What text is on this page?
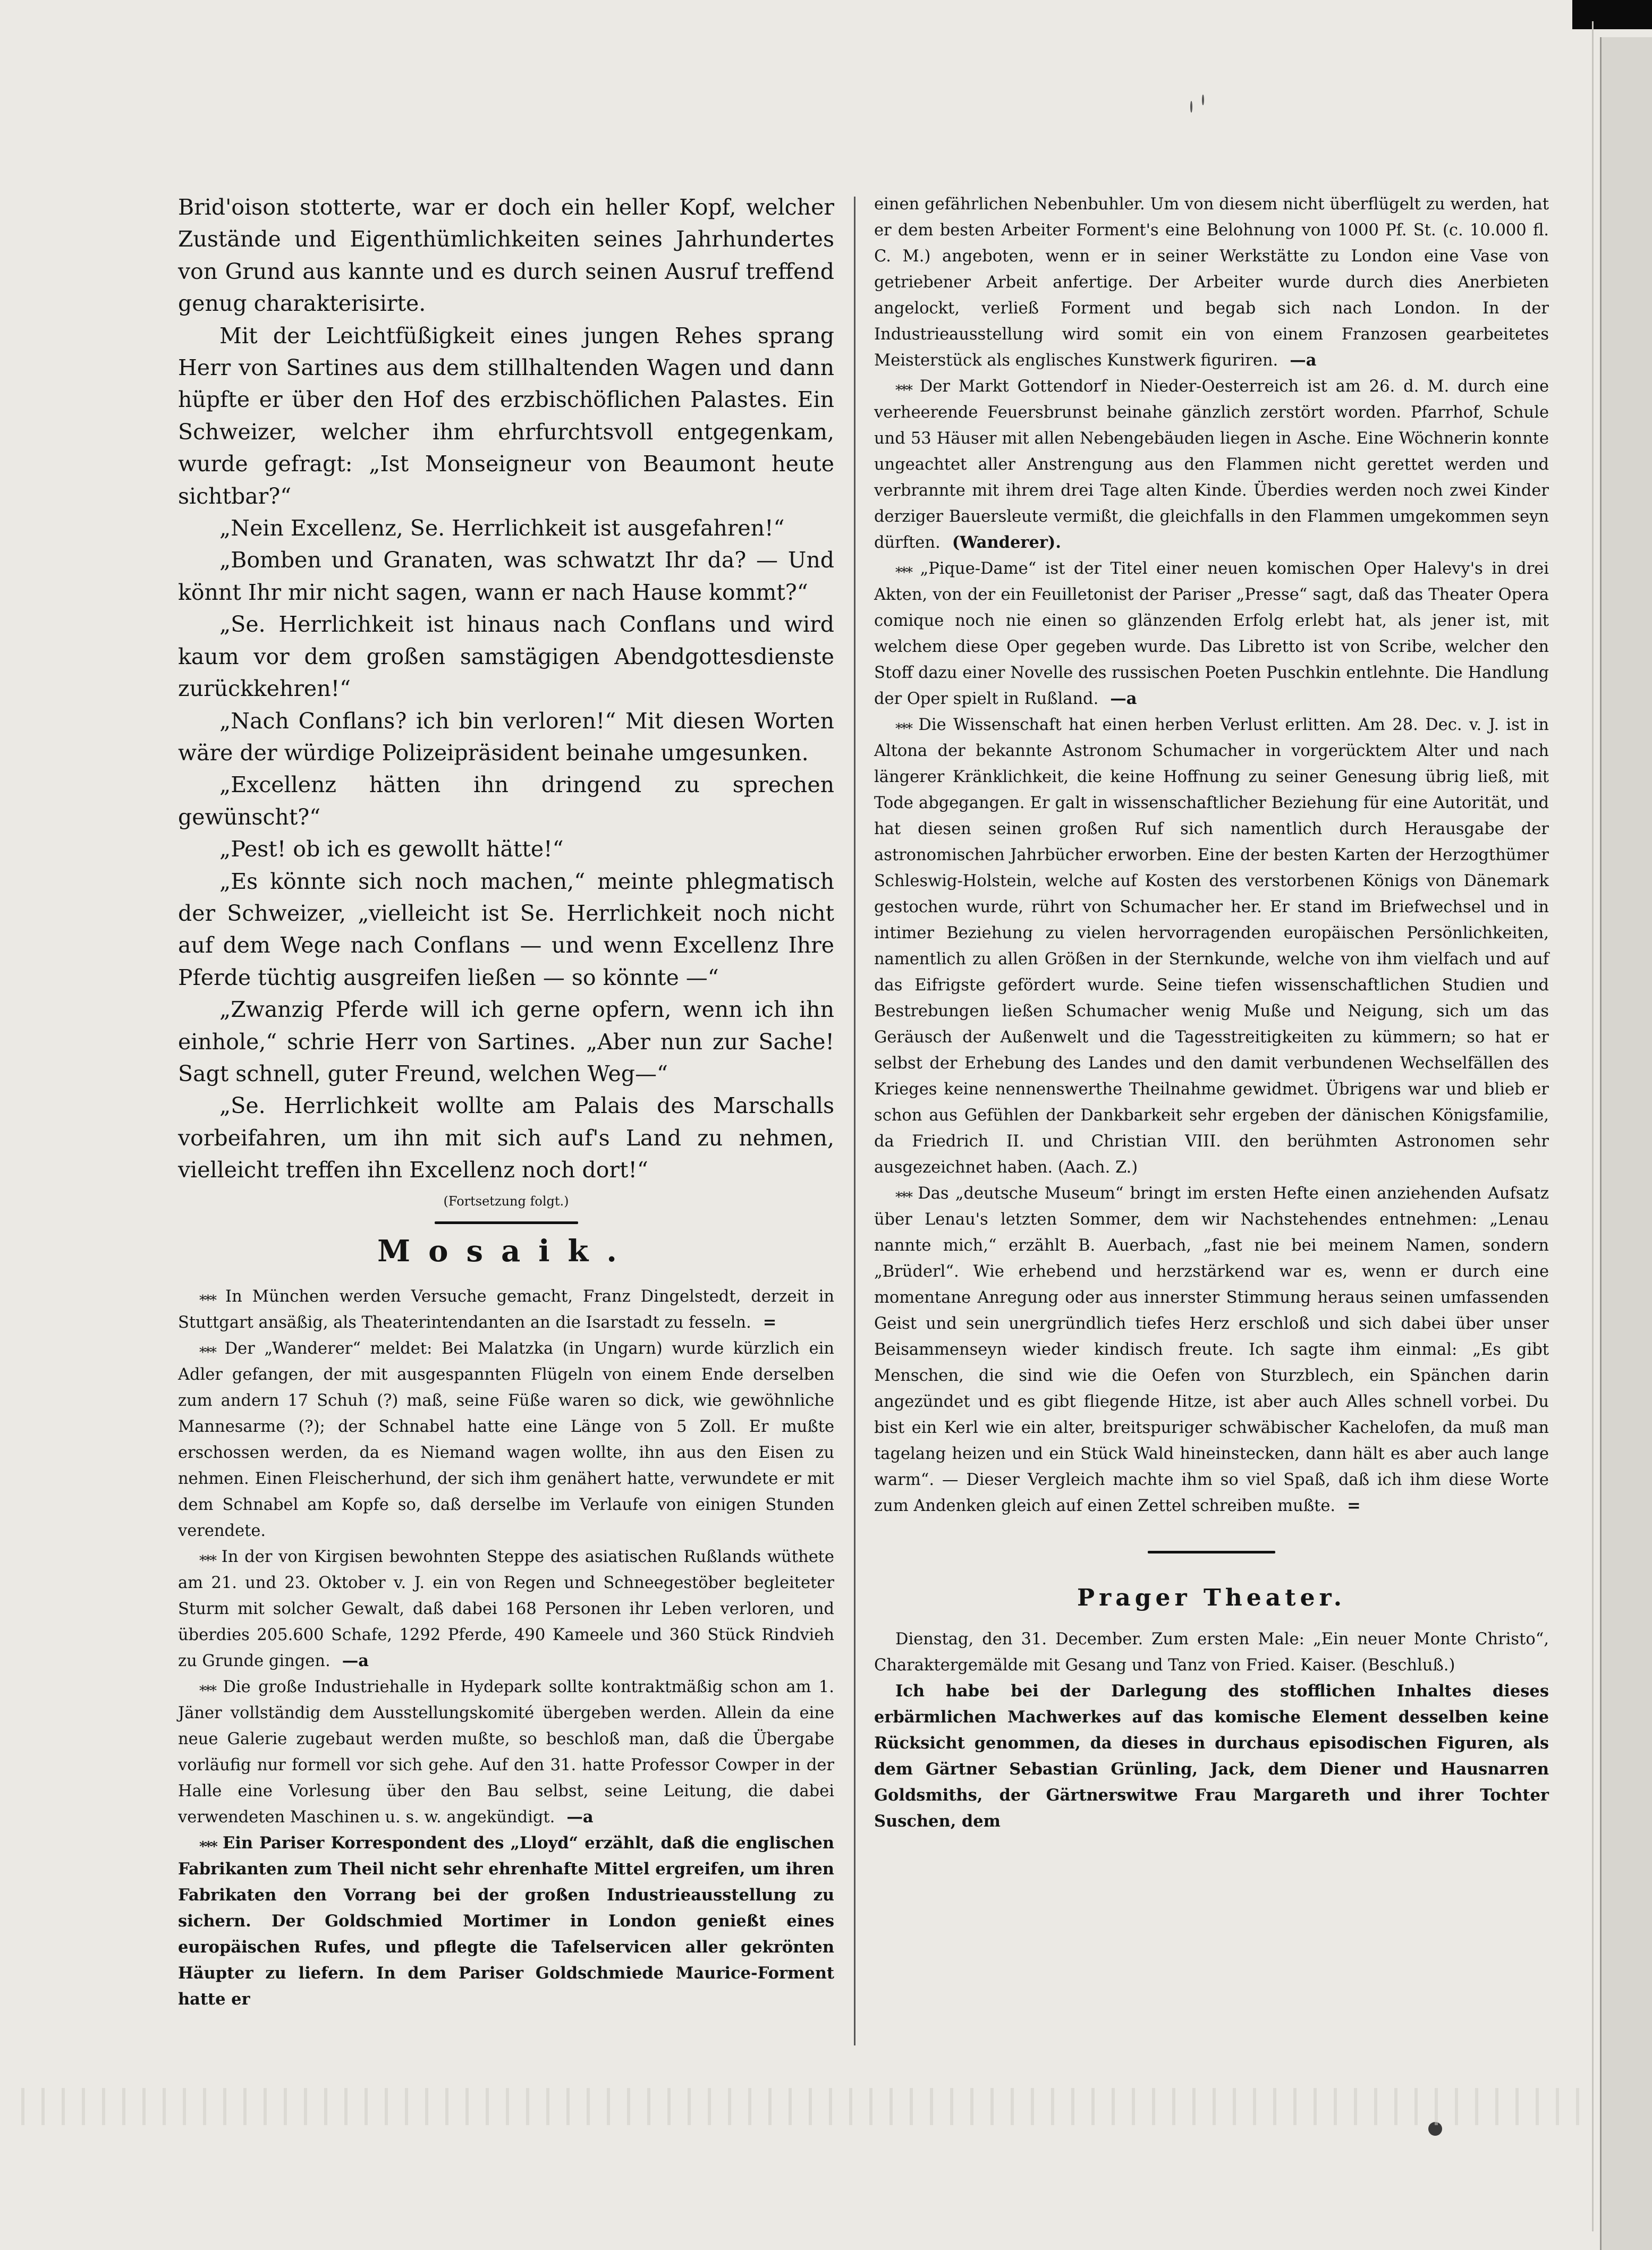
Brid'oison stotterte, war er doch ein heller Kopf, welcher Zustände und Eigenthümlichkeiten seines Jahrhundertes von Grund aus kannte und es durch seinen Ausruf treffend genug charakterisirte.

Mit der Leichtfüßigkeit eines jungen Rehes sprang Herr von Sartines aus dem stillhaltenden Wagen und dann hüpfte er über den Hof des erzbischöflichen Palastes. Ein Schweizer, welcher ihm ehrfurchtsvoll entgegenkam, wurde gefragt: „Ist Monseigneur von Beaumont heute sichtbar?“

„Nein Excellenz, Se. Herrlichkeit ist ausgefahren!“

„Bomben und Granaten, was schwatzt Ihr da? — Und könnt Ihr mir nicht sagen, wann er nach Hause kommt?“

„Se. Herrlichkeit ist hinaus nach Conflans und wird kaum vor dem großen samstägigen Abendgottesdienste zurückkehren!“

„Nach Conflans? ich bin verloren!“ Mit diesen Worten wäre der würdige Polizeipräsident beinahe umgesunken.

„Excellenz hätten ihn dringend zu sprechen gewünscht?“

„Pest! ob ich es gewollt hätte!“

„Es könnte sich noch machen,“ meinte phlegmatisch der Schweizer, „vielleicht ist Se. Herrlichkeit noch nicht auf dem Wege nach Conflans — und wenn Excellenz Ihre Pferde tüchtig ausgreifen ließen — so könnte —“

„Zwanzig Pferde will ich gerne opfern, wenn ich ihn einhole,“ schrie Herr von Sartines. „Aber nun zur Sache! Sagt schnell, guter Freund, welchen Weg—“

„Se. Herrlichkeit wollte am Palais des Marschalls vorbeifahren, um ihn mit sich auf's Land zu nehmen, vielleicht treffen ihn Excellenz noch dort!“

(Fortsetzung folgt.)
Mosaik.

⁎⁎⁎ In München werden Versuche gemacht, Franz Dingelstedt, derzeit in Stuttgart ansäßig, als Theaterintendanten an die Isarstadt zu fesseln. =

⁎⁎⁎ Der „Wanderer“ meldet: Bei Malatzka (in Ungarn) wurde kürzlich ein Adler gefangen, der mit ausgespannten Flügeln von einem Ende derselben zum andern 17 Schuh (?) maß, seine Füße waren so dick, wie gewöhnliche Mannesarme (?); der Schnabel hatte eine Länge von 5 Zoll. Er mußte erschossen werden, da es Niemand wagen wollte, ihn aus den Eisen zu nehmen. Einen Fleischerhund, der sich ihm genähert hatte, verwundete er mit dem Schnabel am Kopfe so, daß derselbe im Verlaufe von einigen Stunden verendete.

⁎⁎⁎ In der von Kirgisen bewohnten Steppe des asiatischen Rußlands wüthete am 21. und 23. Oktober v. J. ein von Regen und Schneegestöber begleiteter Sturm mit solcher Gewalt, daß dabei 168 Personen ihr Leben verloren, und überdies 205.600 Schafe, 1292 Pferde, 490 Kameele und 360 Stück Rindvieh zu Grunde gingen. —a

⁎⁎⁎ Die große Industriehalle in Hydepark sollte kontraktmäßig schon am 1. Jäner vollständig dem Ausstellungskomité übergeben werden. Allein da eine neue Galerie zugebaut werden mußte, so beschloß man, daß die Übergabe vorläufig nur formell vor sich gehe. Auf den 31. hatte Professor Cowper in der Halle eine Vorlesung über den Bau selbst, seine Leitung, die dabei verwendeten Maschinen u. s. w. angekündigt. —a

⁎⁎⁎ Ein Pariser Korrespondent des „Lloyd“ erzählt, daß die englischen Fabrikanten zum Theil nicht sehr ehrenhafte Mittel ergreifen, um ihren Fabrikaten den Vorrang bei der großen Industrieausstellung zu sichern. Der Goldschmied Mortimer in London genießt eines europäischen Rufes, und pflegte die Tafelservicen aller gekrönten Häupter zu liefern. In dem Pariser Goldschmiede Maurice-Forment hatte er

einen gefährlichen Nebenbuhler. Um von diesem nicht überflügelt zu werden, hat er dem besten Arbeiter Forment's eine Belohnung von 1000 Pf. St. (c. 10.000 fl. C. M.) angeboten, wenn er in seiner Werkstätte zu London eine Vase von getriebener Arbeit anfertige. Der Arbeiter wurde durch dies Anerbieten angelockt, verließ Forment und begab sich nach London. In der Industrieausstellung wird somit ein von einem Franzosen gearbeitetes Meisterstück als englisches Kunstwerk figuriren. —a

⁎⁎⁎ Der Markt Gottendorf in Nieder-Oesterreich ist am 26. d. M. durch eine verheerende Feuersbrunst beinahe gänzlich zerstört worden. Pfarrhof, Schule und 53 Häuser mit allen Nebengebäuden liegen in Asche. Eine Wöchnerin konnte ungeachtet aller Anstrengung aus den Flammen nicht gerettet werden und verbrannte mit ihrem drei Tage alten Kinde. Überdies werden noch zwei Kinder derziger Bauersleute vermißt, die gleichfalls in den Flammen umgekommen seyn dürften. (Wanderer).

⁎⁎⁎ „Pique-Dame“ ist der Titel einer neuen komischen Oper Halevy's in drei Akten, von der ein Feuilletonist der Pariser „Presse“ sagt, daß das Theater Opera comique noch nie einen so glänzenden Erfolg erlebt hat, als jener ist, mit welchem diese Oper gegeben wurde. Das Libretto ist von Scribe, welcher den Stoff dazu einer Novelle des russischen Poeten Puschkin entlehnte. Die Handlung der Oper spielt in Rußland. —a

⁎⁎⁎ Die Wissenschaft hat einen herben Verlust erlitten. Am 28. Dec. v. J. ist in Altona der bekannte Astronom Schumacher in vorgerücktem Alter und nach längerer Kränklichkeit, die keine Hoffnung zu seiner Genesung übrig ließ, mit Tode abgegangen. Er galt in wissenschaftlicher Beziehung für eine Autorität, und hat diesen seinen großen Ruf sich namentlich durch Herausgabe der astronomischen Jahrbücher erworben. Eine der besten Karten der Herzogthümer Schleswig-Holstein, welche auf Kosten des verstorbenen Königs von Dänemark gestochen wurde, rührt von Schumacher her. Er stand im Briefwechsel und in intimer Beziehung zu vielen hervorragenden europäischen Persönlichkeiten, namentlich zu allen Größen in der Sternkunde, welche von ihm vielfach und auf das Eifrigste gefördert wurde. Seine tiefen wissenschaftlichen Studien und Bestrebungen ließen Schumacher wenig Muße und Neigung, sich um das Geräusch der Außenwelt und die Tagesstreitigkeiten zu kümmern; so hat er selbst der Erhebung des Landes und den damit verbundenen Wechselfällen des Krieges keine nennenswerthe Theilnahme gewidmet. Übrigens war und blieb er schon aus Gefühlen der Dankbarkeit sehr ergeben der dänischen Königsfamilie, da Friedrich II. und Christian VIII. den berühmten Astronomen sehr ausgezeichnet haben. (Aach. Z.)

⁎⁎⁎ Das „deutsche Museum“ bringt im ersten Hefte einen anziehenden Aufsatz über Lenau's letzten Sommer, dem wir Nachstehendes entnehmen: „Lenau nannte mich,“ erzählt B. Auerbach, „fast nie bei meinem Namen, sondern „Brüderl“. Wie erhebend und herzstärkend war es, wenn er durch eine momentane Anregung oder aus innerster Stimmung heraus seinen umfassenden Geist und sein unergründlich tiefes Herz erschloß und sich dabei über unser Beisammenseyn wieder kindisch freute. Ich sagte ihm einmal: „Es gibt Menschen, die sind wie die Oefen von Sturzblech, ein Spänchen darin angezündet und es gibt fliegende Hitze, ist aber auch Alles schnell vorbei. Du bist ein Kerl wie ein alter, breitspuriger schwäbischer Kachelofen, da muß man tagelang heizen und ein Stück Wald hineinstecken, dann hält es aber auch lange warm“. — Dieser Vergleich machte ihm so viel Spaß, daß ich ihm diese Worte zum Andenken gleich auf einen Zettel schreiben mußte. =

Prager Theater.

Dienstag, den 31. December. Zum ersten Male: „Ein neuer Monte Christo“, Charaktergemälde mit Gesang und Tanz von Fried. Kaiser. (Beschluß.)

Ich habe bei der Darlegung des stofflichen Inhaltes dieses erbärmlichen Machwerkes auf das komische Element desselben keine Rücksicht genommen, da dieses in durchaus episodischen Figuren, als dem Gärtner Sebastian Grünling, Jack, dem Diener und Hausnarren Goldsmiths, der Gärtnerswitwe Frau Margareth und ihrer Tochter Suschen, dem
